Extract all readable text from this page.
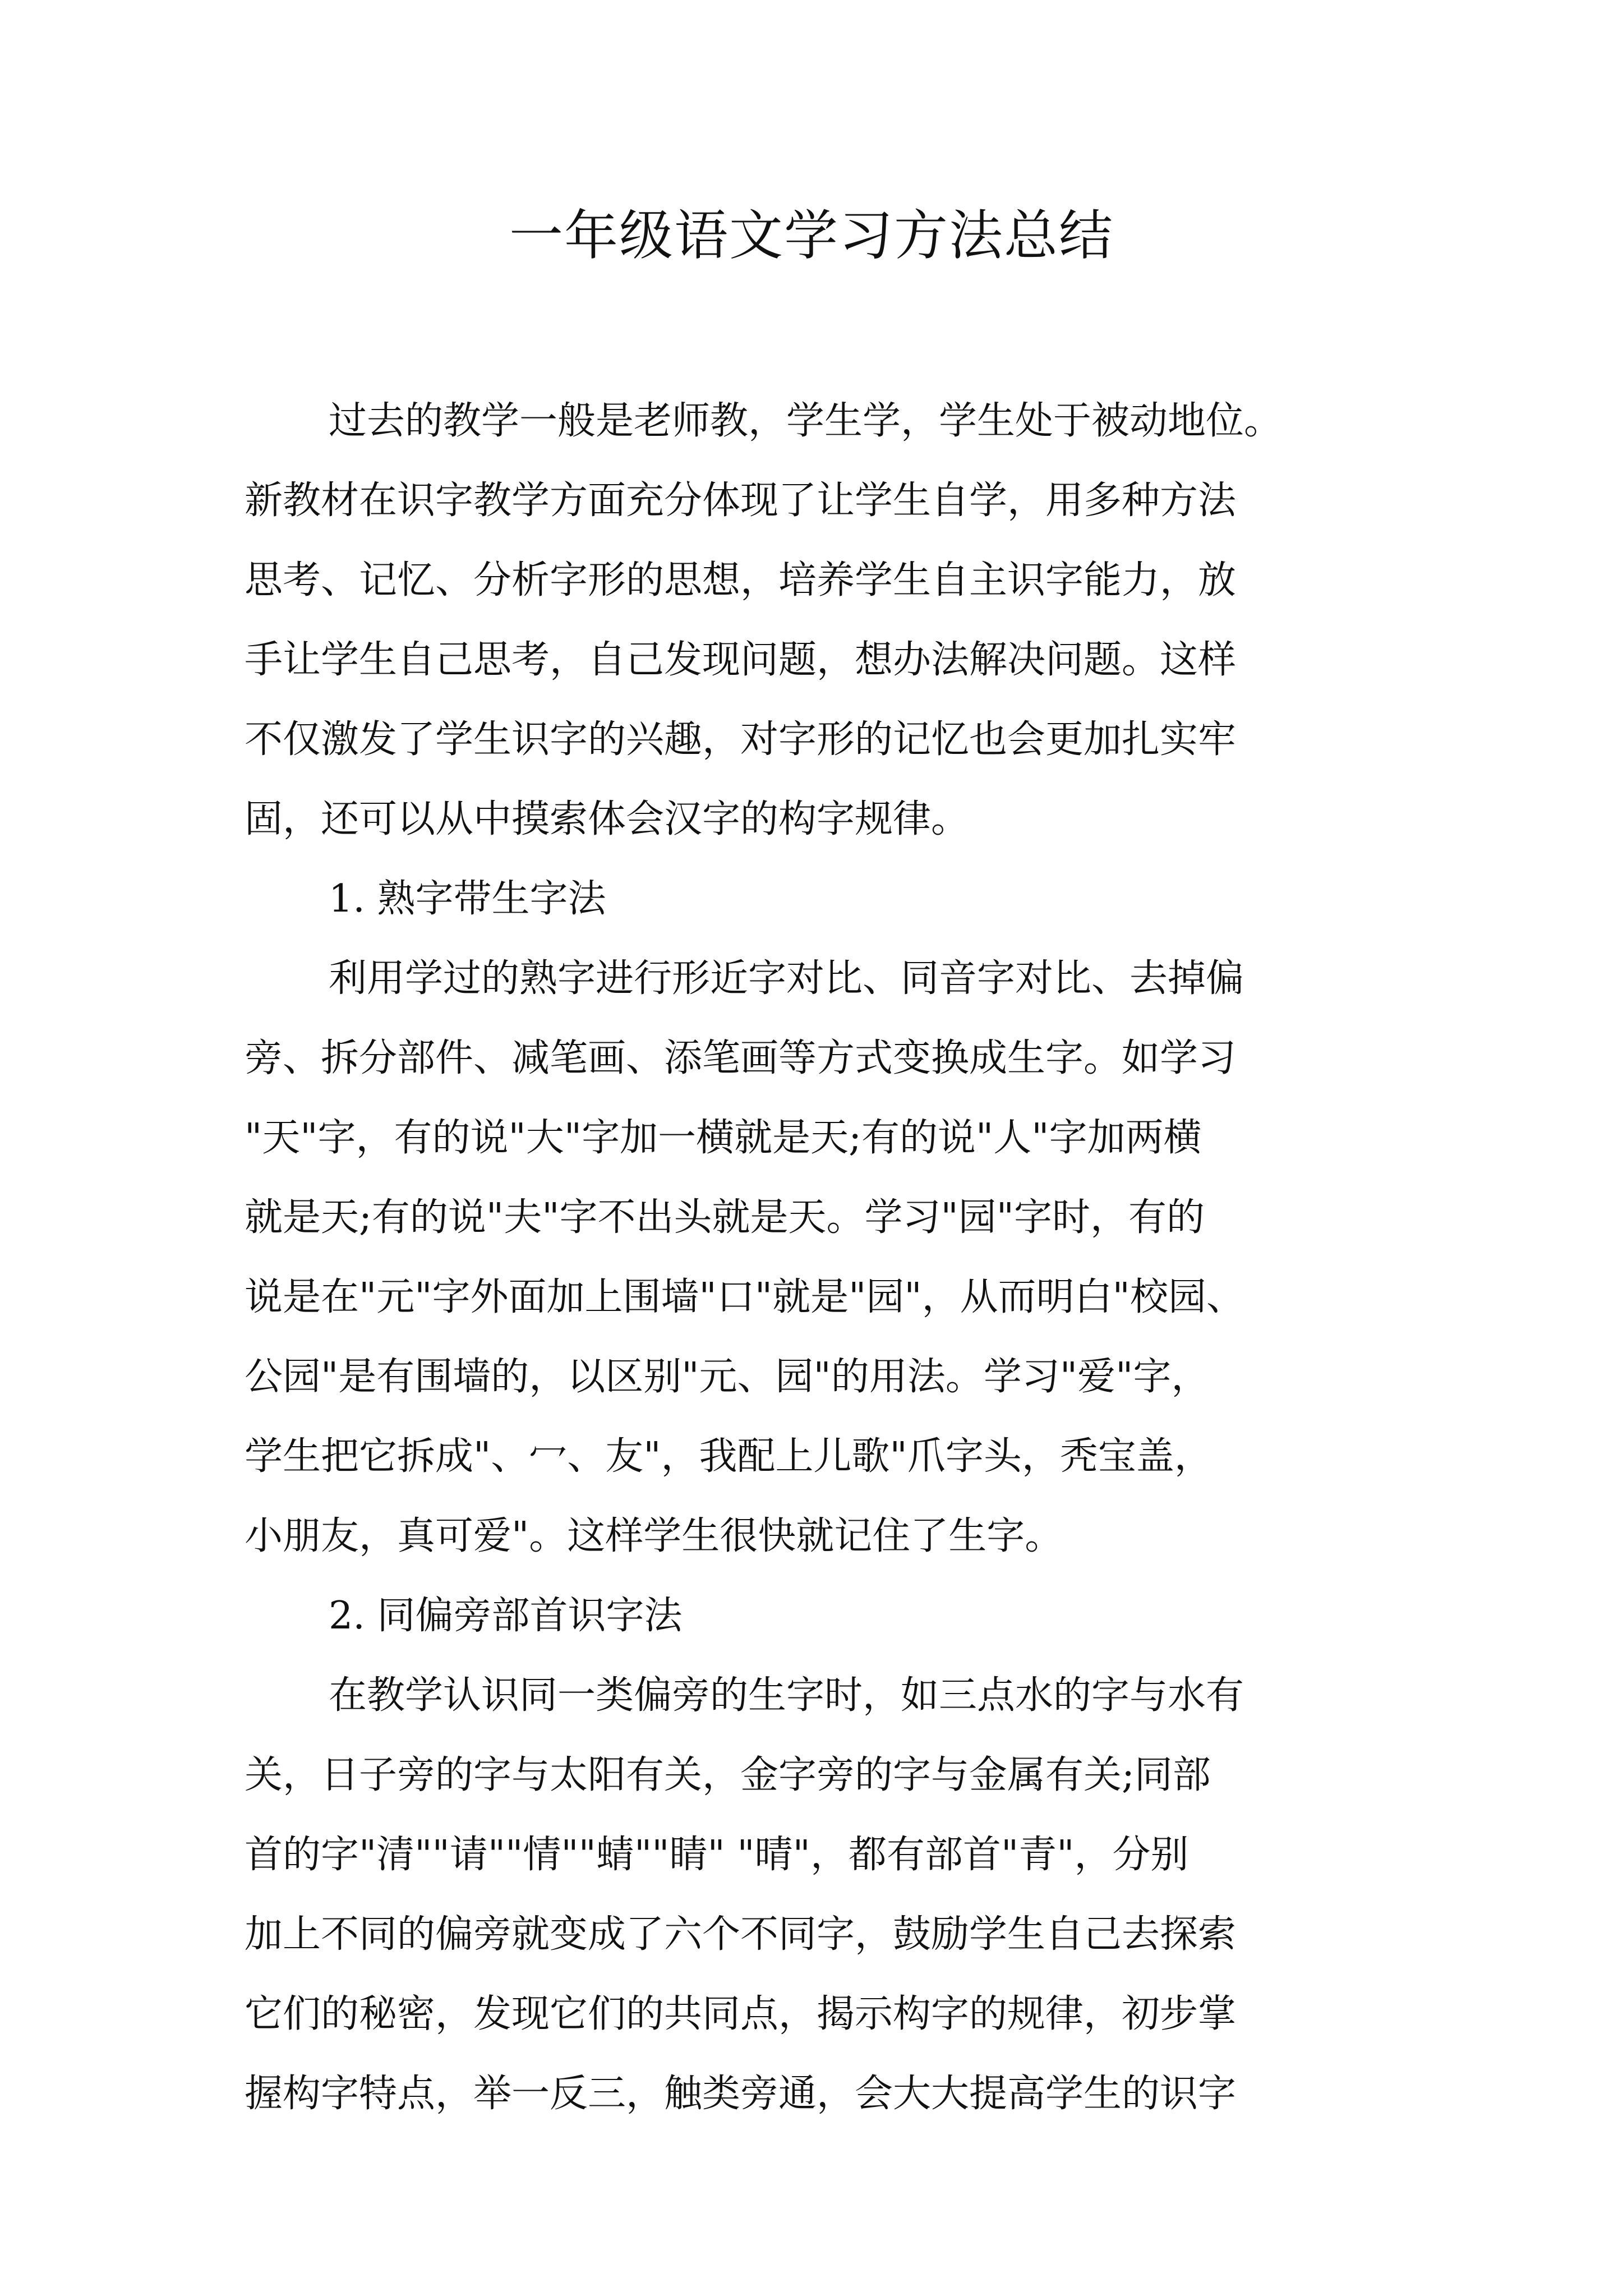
一年级语文学习方法总结
过去的教学一般是老师教，学生学，学生处于被动地位。
新教材在识字教学方面充分体现了让学生自学，用多种方法
思考、记忆、分析字形的思想，培养学生自主识字能力，放
手让学生自己思考，自己发现问题，想办法解决问题。这样
不仅激发了学生识字的兴趣，对字形的记忆也会更加扎实牢
固，还可以从中摸索体会汉字的构字规律。
1. 熟字带生字法
利用学过的熟字进行形近字对比、同音字对比、去掉偏
旁、拆分部件、减笔画、添笔画等方式变换成生字。如学习
"天"字，有的说"大"字加一横就是天;有的说"人"字加两横
就是天;有的说"夫"字不出头就是天。学习"园"字时，有的
说是在"元"字外面加上围墙"口"就是"园"，从而明白"校园、
公园"是有围墙的，以区别"元、园"的用法。学习"爱"字，
学生把它拆成"、冖、友"，我配上儿歌"爪字头，秃宝盖，
小朋友，真可爱"。这样学生很快就记住了生字。
2. 同偏旁部首识字法
在教学认识同一类偏旁的生字时，如三点水的字与水有
关，日子旁的字与太阳有关，金字旁的字与金属有关;同部
首的字"清""请""情""蜻""睛" "晴"，都有部首"青"，分别
加上不同的偏旁就变成了六个不同字，鼓励学生自己去探索
它们的秘密，发现它们的共同点，揭示构字的规律，初步掌
握构字特点，举一反三，触类旁通，会大大提高学生的识字
